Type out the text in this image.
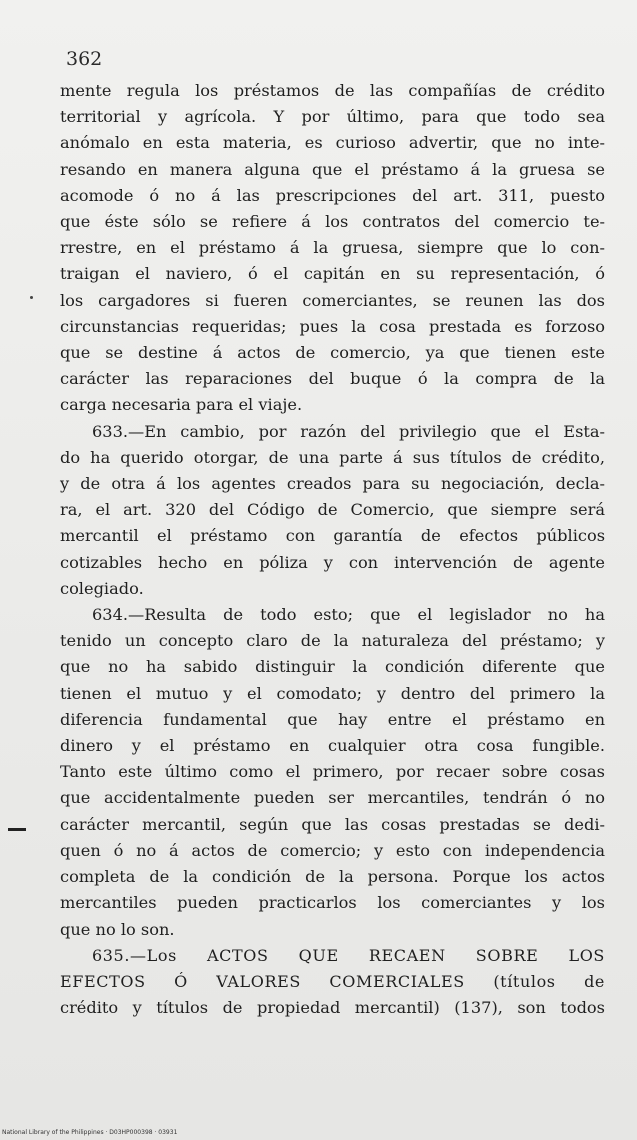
362
mente regula los préstamos de las compañías de crédito
territorial y agrícola. Y por último, para que todo sea
anómalo en esta materia, es curioso advertir, que no inte-
resando en manera alguna que el préstamo á la gruesa se
acomode ó no á las prescripciones del art. 311, puesto
que éste sólo se refiere á los contratos del comercio te-
rrestre, en el préstamo á la gruesa, siempre que lo con-
traigan el naviero, ó el capitán en su representación, ó
los cargadores si fueren comerciantes, se reunen las dos
circunstancias requeridas; pues la cosa prestada es forzoso
que se destine á actos de comercio, ya que tienen este
carácter las reparaciones del buque ó la compra de la
carga necesaria para el viaje.
633.—En cambio, por razón del privilegio que el Esta-
do ha querido otorgar, de una parte á sus títulos de crédito,
y de otra á los agentes creados para su negociación, decla-
ra, el art. 320 del Código de Comercio, que siempre será
mercantil el préstamo con garantía de efectos públicos
cotizables hecho en póliza y con intervención de agente
colegiado.
634.—Resulta de todo esto; que el legislador no ha
tenido un concepto claro de la naturaleza del préstamo; y
que no ha sabido distinguir la condición diferente que
tienen el mutuo y el comodato; y dentro del primero la
diferencia fundamental que hay entre el préstamo en
dinero y el préstamo en cualquier otra cosa fungible.
Tanto este último como el primero, por recaer sobre cosas
que accidentalmente pueden ser mercantiles, tendrán ó no
carácter mercantil, según que las cosas prestadas se dedi-
quen ó no á actos de comercio; y esto con independencia
completa de la condición de la persona. Porque los actos
mercantiles pueden practicarlos los comerciantes y los
que no lo son.
635.—Los ACTOS QUE RECAEN SOBRE LOS
EFECTOS Ó VALORES COMERCIALES (títulos de
crédito y títulos de propiedad mercantil) (137), son todos
National Library of the Philippines · D03HP000398 · 03931
